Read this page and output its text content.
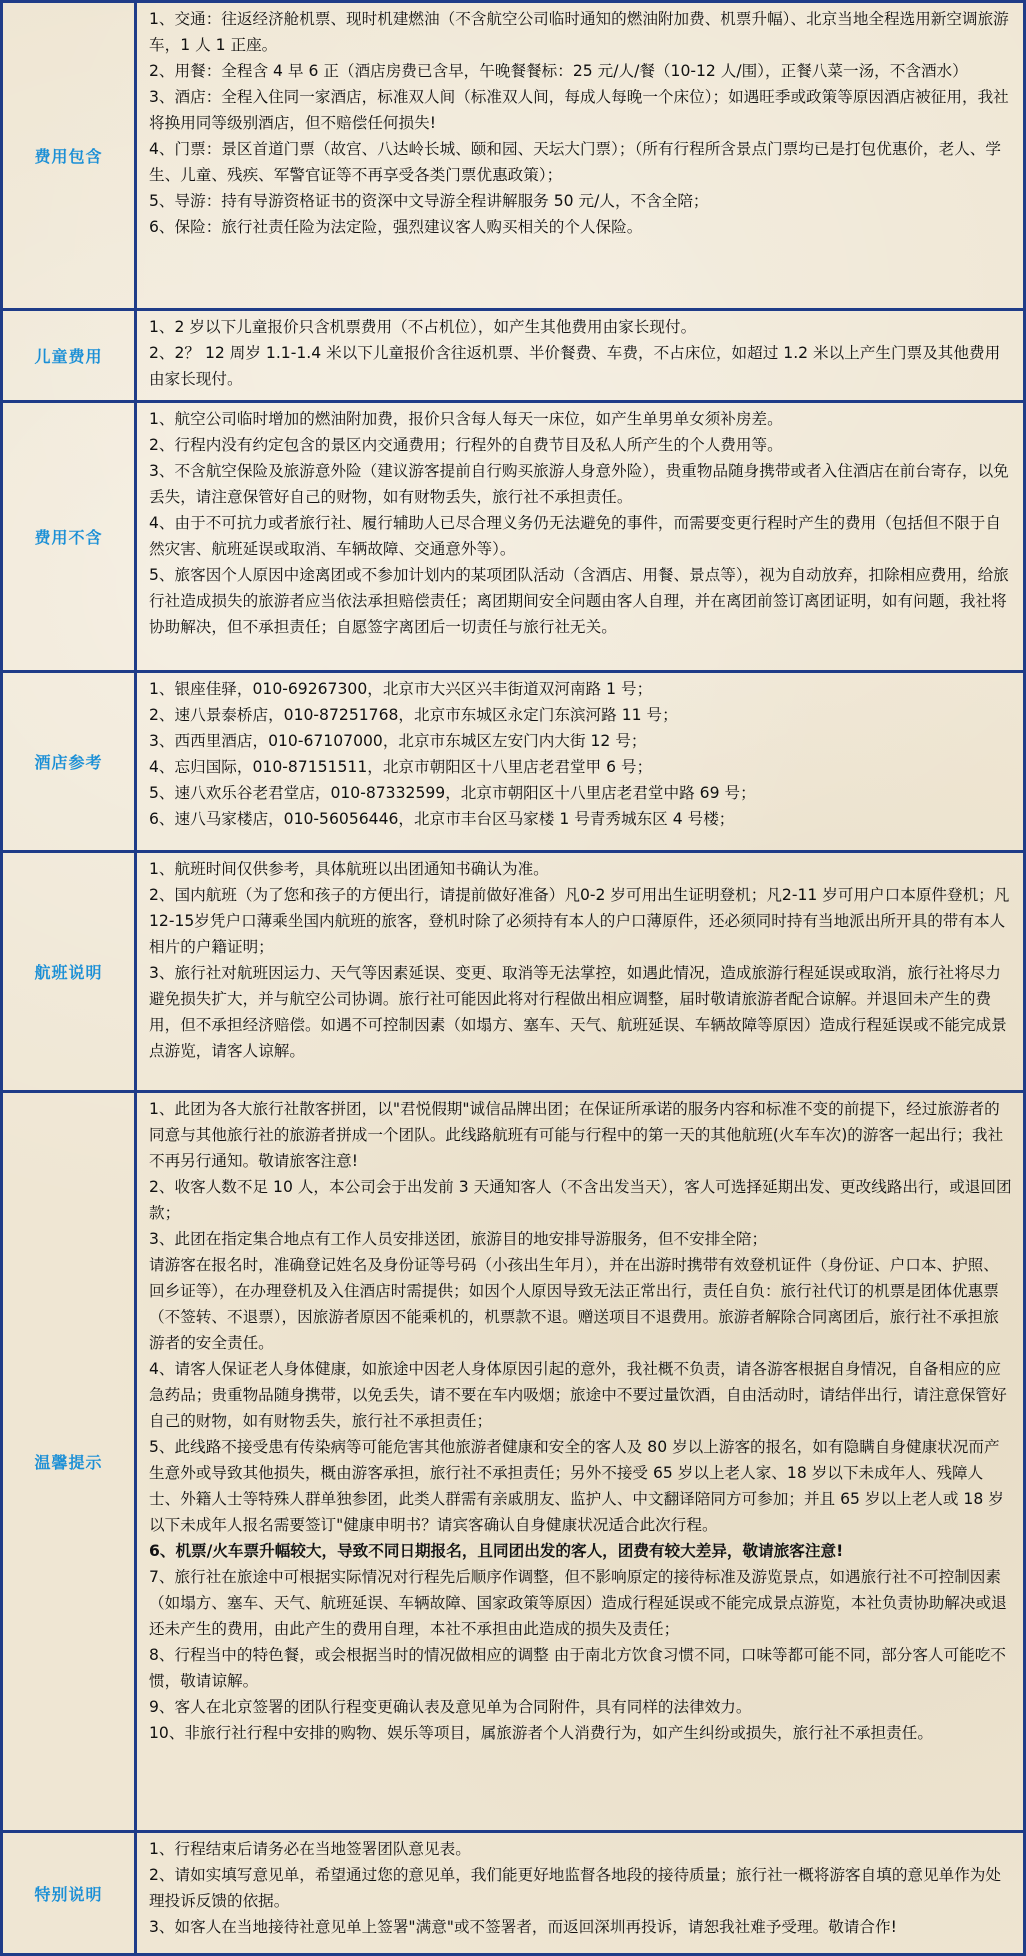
费用包含

1、交通：往返经济舱机票、现时机建燃油（不含航空公司临时通知的燃油附加费、机票升幅）、北京当地全程选用新空调旅游车，1 人 1 正座。

2、用餐：全程含 4 早 6 正（酒店房费已含早，午晚餐餐标：25 元/人/餐（10-12 人/围），正餐八菜一汤，不含酒水）

3、酒店：全程入住同一家酒店，标准双人间（标准双人间，每成人每晚一个床位）；如遇旺季或政策等原因酒店被征用，我社将换用同等级别酒店，但不赔偿任何损失!

4、门票：景区首道门票（故宫、八达岭长城、颐和园、天坛大门票）；（所有行程所含景点门票均已是打包优惠价，老人、学生、儿童、残疾、军警官证等不再享受各类门票优惠政策）；

5、导游：持有导游资格证书的资深中文导游全程讲解服务 50 元/人，不含全陪；

6、保险：旅行社责任险为法定险，强烈建议客人购买相关的个人保险。

儿童费用

1、2 岁以下儿童报价只含机票费用（不占机位），如产生其他费用由家长现付。

2、2？ 12 周岁 1.1-1.4 米以下儿童报价含往返机票、半价餐费、车费，不占床位，如超过 1.2 米以上产生门票及其他费用由家长现付。

费用不含

1、航空公司临时增加的燃油附加费，报价只含每人每天一床位，如产生单男单女须补房差。

2、行程内没有约定包含的景区内交通费用；行程外的自费节目及私人所产生的个人费用等。

3、不含航空保险及旅游意外险（建议游客提前自行购买旅游人身意外险），贵重物品随身携带或者入住酒店在前台寄存，以免丢失，请注意保管好自己的财物，如有财物丢失，旅行社不承担责任。

4、由于不可抗力或者旅行社、履行辅助人已尽合理义务仍无法避免的事件，而需要变更行程时产生的费用（包括但不限于自然灾害、航班延误或取消、车辆故障、交通意外等）。

5、旅客因个人原因中途离团或不参加计划内的某项团队活动（含酒店、用餐、景点等），视为自动放弃，扣除相应费用，给旅行社造成损失的旅游者应当依法承担赔偿责任；离团期间安全问题由客人自理，并在离团前签订离团证明，如有问题，我社将协助解决，但不承担责任；自愿签字离团后一切责任与旅行社无关。

酒店参考

1、银座佳驿，010-69267300，北京市大兴区兴丰街道双河南路 1 号；

2、速八景泰桥店，010-87251768，北京市东城区永定门东滨河路 11 号；

3、西西里酒店，010-67107000，北京市东城区左安门内大街 12 号；

4、忘归国际，010-87151511，北京市朝阳区十八里店老君堂甲 6 号；

5、速八欢乐谷老君堂店，010-87332599，北京市朝阳区十八里店老君堂中路 69 号；

6、速八马家楼店，010-56056446，北京市丰台区马家楼 1 号青秀城东区 4 号楼；

航班说明

1、航班时间仅供参考，具体航班以出团通知书确认为准。

2、国内航班（为了您和孩子的方便出行，请提前做好准备）凡0-2 岁可用出生证明登机；凡2-11 岁可用户口本原件登机；凡12-15岁凭户口薄乘坐国内航班的旅客，登机时除了必须持有本人的户口薄原件，还必须同时持有当地派出所开具的带有本人相片的户籍证明；

3、旅行社对航班因运力、天气等因素延误、变更、取消等无法掌控，如遇此情况，造成旅游行程延误或取消，旅行社将尽力避免损失扩大，并与航空公司协调。旅行社可能因此将对行程做出相应调整，届时敬请旅游者配合谅解。并退回未产生的费用，但不承担经济赔偿。如遇不可控制因素（如塌方、塞车、天气、航班延误、车辆故障等原因）造成行程延误或不能完成景点游览，请客人谅解。

温馨提示

1、此团为各大旅行社散客拼团，以"君悦假期"诚信品牌出团；在保证所承诺的服务内容和标准不变的前提下，经过旅游者的同意与其他旅行社的旅游者拼成一个团队。此线路航班有可能与行程中的第一天的其他航班(火车车次)的游客一起出行；我社不再另行通知。敬请旅客注意!

2、收客人数不足 10 人，本公司会于出发前 3 天通知客人（不含出发当天），客人可选择延期出发、更改线路出行，或退回团款；

3、此团在指定集合地点有工作人员安排送团，旅游目的地安排导游服务，但不安排全陪；

请游客在报名时，准确登记姓名及身份证等号码（小孩出生年月），并在出游时携带有效登机证件（身份证、户口本、护照、回乡证等），在办理登机及入住酒店时需提供；如因个人原因导致无法正常出行，责任自负：旅行社代订的机票是团体优惠票（不签转、不退票），因旅游者原因不能乘机的，机票款不退。赠送项目不退费用。旅游者解除合同离团后，旅行社不承担旅游者的安全责任。

4、请客人保证老人身体健康，如旅途中因老人身体原因引起的意外，我社概不负责，请各游客根据自身情况，自备相应的应急药品；贵重物品随身携带，以免丢失，请不要在车内吸烟；旅途中不要过量饮酒，自由活动时，请结伴出行，请注意保管好自己的财物，如有财物丢失，旅行社不承担责任；

5、此线路不接受患有传染病等可能危害其他旅游者健康和安全的客人及 80 岁以上游客的报名，如有隐瞒自身健康状况而产生意外或导致其他损失，概由游客承担，旅行社不承担责任；另外不接受 65 岁以上老人家、18 岁以下未成年人、残障人士、外籍人士等特殊人群单独参团，此类人群需有亲戚朋友、监护人、中文翻译陪同方可参加；并且 65 岁以上老人或 18 岁以下未成年人报名需要签订"健康申明书？请宾客确认自身健康状况适合此次行程。

6、机票/火车票升幅较大，导致不同日期报名，且同团出发的客人，团费有较大差异，敬请旅客注意!

7、旅行社在旅途中可根据实际情况对行程先后顺序作调整，但不影响原定的接待标准及游览景点，如遇旅行社不可控制因素（如塌方、塞车、天气、航班延误、车辆故障、国家政策等原因）造成行程延误或不能完成景点游览，本社负责协助解决或退还未产生的费用，由此产生的费用自理，本社不承担由此造成的损失及责任；

8、行程当中的特色餐，或会根据当时的情况做相应的调整 由于南北方饮食习惯不同，口味等都可能不同，部分客人可能吃不惯，敬请谅解。

9、客人在北京签署的团队行程变更确认表及意见单为合同附件，具有同样的法律效力。

10、非旅行社行程中安排的购物、娱乐等项目，属旅游者个人消费行为，如产生纠纷或损失，旅行社不承担责任。

特别说明

1、行程结束后请务必在当地签署团队意见表。

2、请如实填写意见单，希望通过您的意见单，我们能更好地监督各地段的接待质量；旅行社一概将游客自填的意见单作为处理投诉反馈的依据。

3、如客人在当地接待社意见单上签署"满意"或不签署者，而返回深圳再投诉，请恕我社难予受理。敬请合作!
